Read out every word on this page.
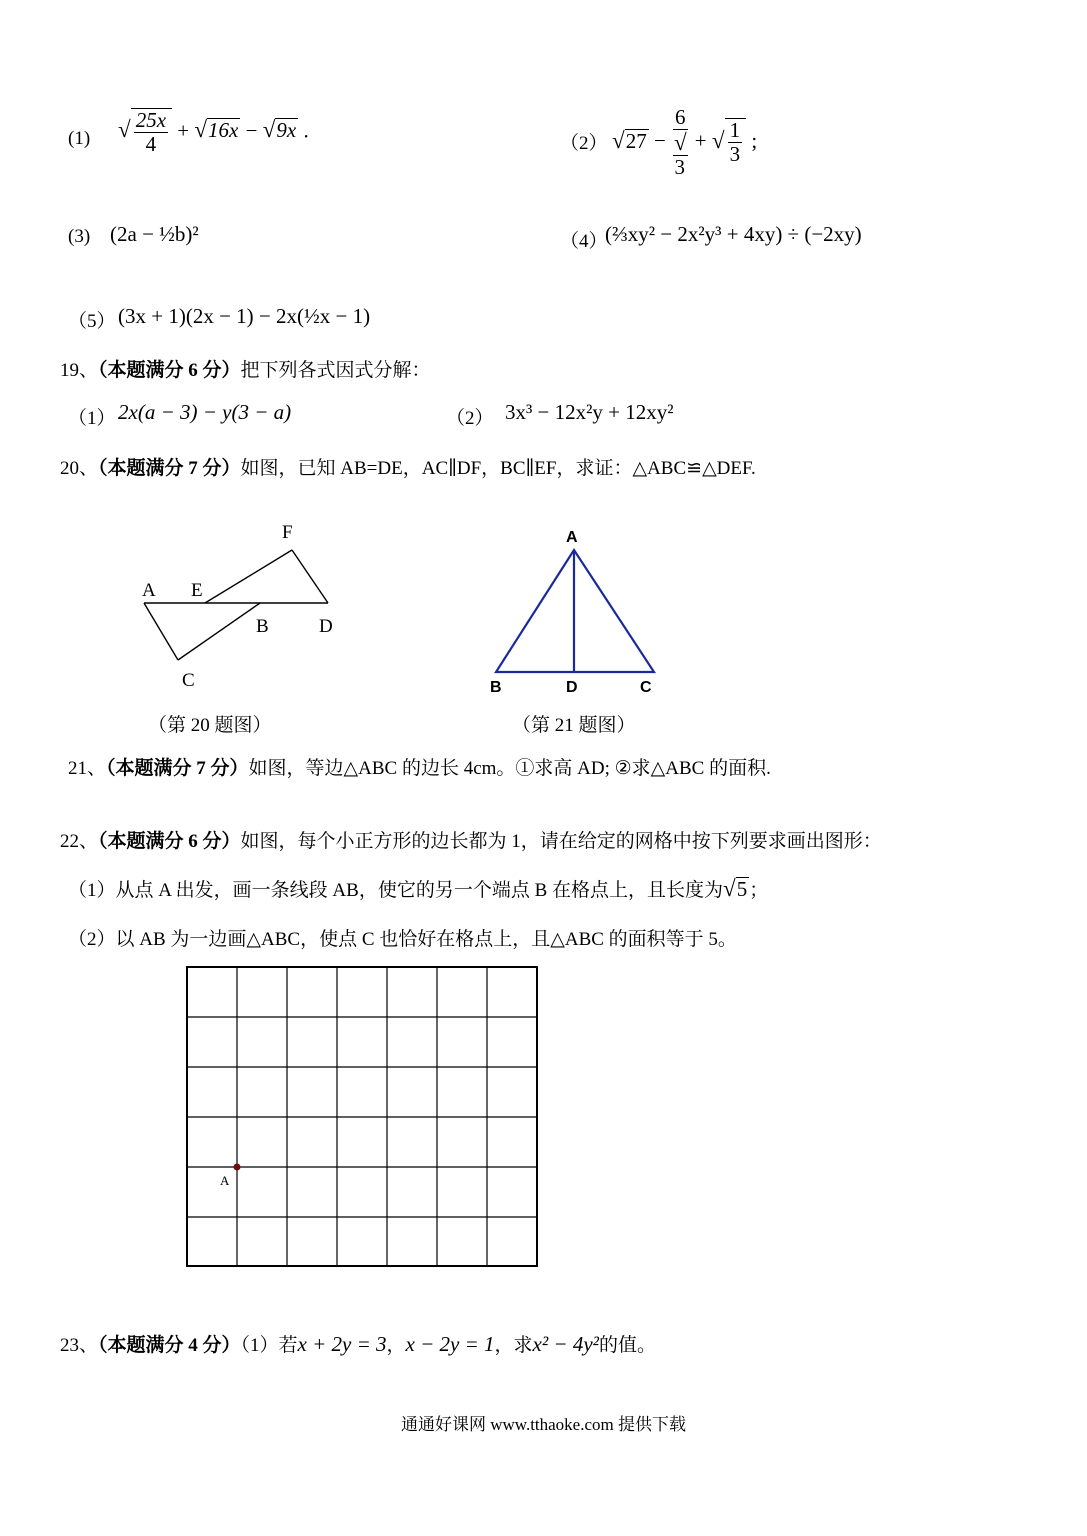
(1) √ $\frac{25x}{4} + √16x - √9x$ .
（2） √27 − 6
√
3 + √ $\frac{1}{3}$ ;
(3) (2a − ½b)²	（4）
(⅔xy² − 2x²y³ + 4xy) ÷ (−2xy)
（5） (3x + 1)(2x − 1) − 2x(½x − 1)
19、（本题满分 6 分）把下列各式因式分解：
（1） 2x(a − 3) − y(3 − a)	（2） 3x³ − 12x²y + 12xy²
20、（本题满分 7 分）如图，已知 AB=DE，AC∥DF，BC∥EF，求证：△ABC≌△DEF.
A E
F
B	D
C
（第 20 题图）
A
B	D	C
（第 21 题图）
21、（本题满分 7 分）如图，等边△ABC 的边长 4cm。①求高 AD; ②求△ABC 的面积.
22、（本题满分 6 分）如图，每个小正方形的边长都为 1，请在给定的网格中按下列要求画出图形：
（1）从点 A 出发，画一条线段 AB，使它的另一个端点 B 在格点上，且长度为√5 ；
（2）以 AB 为一边画△ABC，使点 C 也恰好在格点上，且△ABC 的面积等于 5。
A
23、（本题满分 4 分）（1）若x + 2y = 3，x − 2y = 1，求x² − 4y²的值。
通通好课网 www.tthaoke.com 提供下载
